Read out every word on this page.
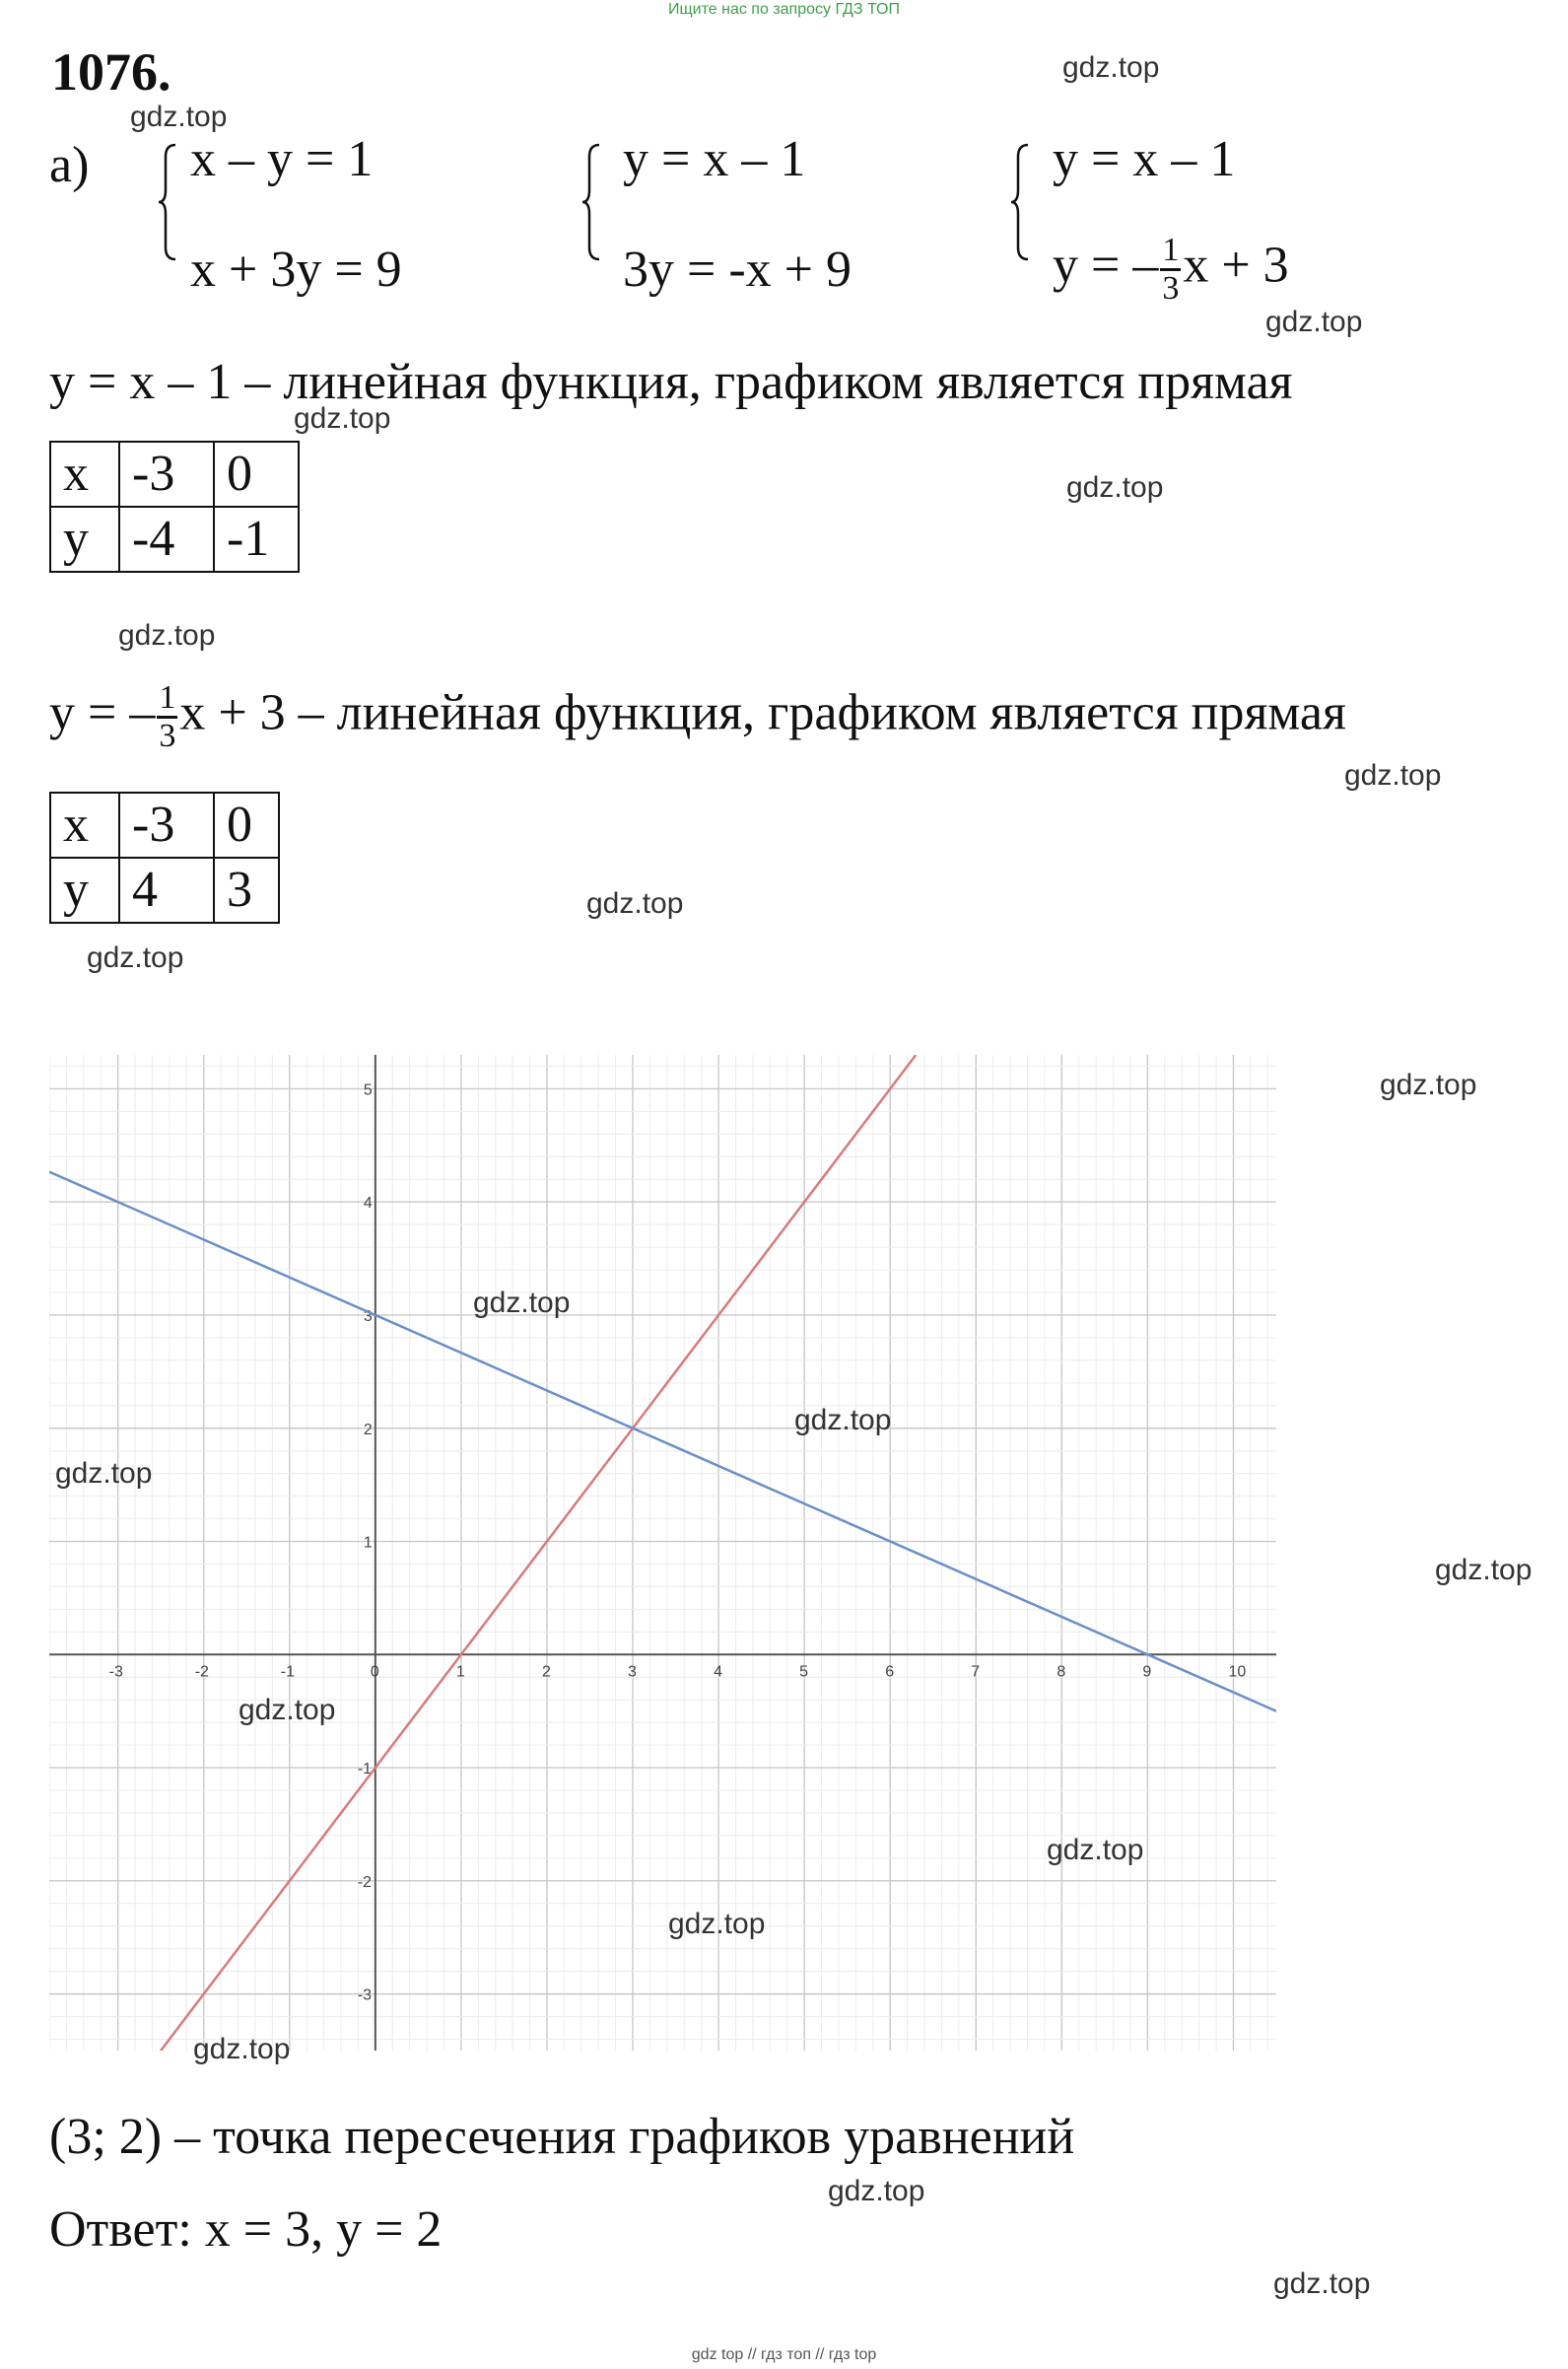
Ищите нас по запросу ГДЗ ТОП
1076.
а) x – y = 1
x + 3y = 9
y = x – 1
3y = -x + 9
y = x – 1
y = – $\frac{1}{3}$ x + 3
y = x – 1 – линейная функция, графиком является прямая
x	-3	0
y	-4	-1
y = – $\frac{1}{3}$ x + 3 – линейная функция, графиком является прямая
x	-3	0
y	4	3
-3	-2	-1	0	1	2	3	4	5	6	7	8	9	10
-3
-2
-1
1
2
3
4
5
(3; 2) – точка пересечения графиков уравнений
Ответ: x = 3, y = 2
gdz.top
gdz.top
gdz.top
gdz.top
gdz.top
gdz.top
gdz.top
gdz.top
gdz.top
gdz.top
gdz.top
gdz.top
gdz.top
gdz.top
gdz.top
gdz.top
gdz.top
gdz.top
gdz.top
gdz.top
gdz top // гдз топ // гдз top
